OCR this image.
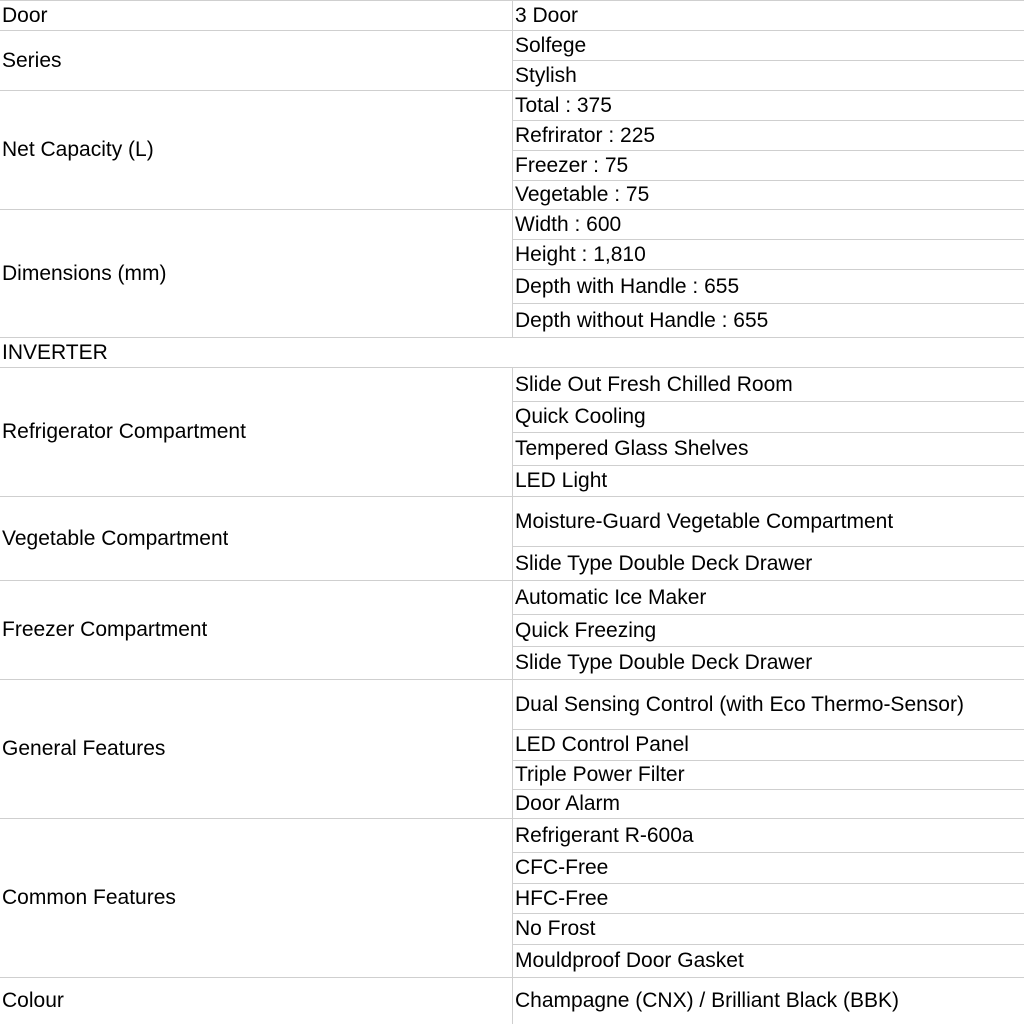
Door	3 Door
Series
Solfege
Stylish
Net Capacity (L)
Total : 375
Refrirator : 225
Freezer : 75
Vegetable : 75
Dimensions (mm)
Width : 600
Height : 1,810
Depth with Handle : 655
Depth without Handle : 655
INVERTER
Refrigerator Compartment
Slide Out Fresh Chilled Room
Quick Cooling
Tempered Glass Shelves
LED Light
Vegetable Compartment
Moisture-Guard Vegetable Compartment
Slide Type Double Deck Drawer
Freezer Compartment
Automatic Ice Maker
Quick Freezing
Slide Type Double Deck Drawer
General Features
Dual Sensing Control (with Eco Thermo-Sensor)
LED Control Panel
Triple Power Filter
Door Alarm
Common Features
Refrigerant R-600a
CFC-Free
HFC-Free
No Frost
Mouldproof Door Gasket
Colour	Champagne (CNX) / Brilliant Black (BBK)
